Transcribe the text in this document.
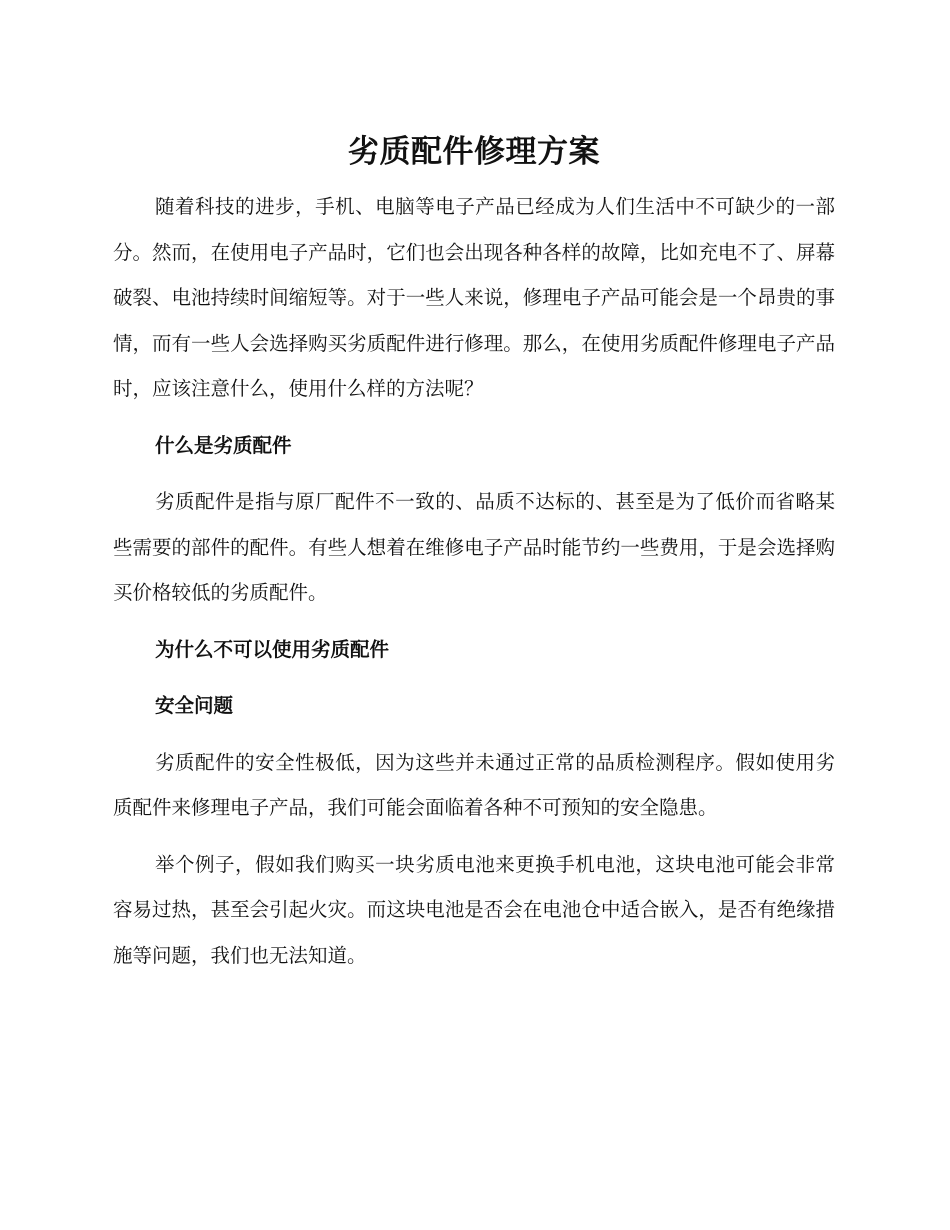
劣质配件修理方案

随着科技的进步，手机、电脑等电子产品已经成为人们生活中不可缺少的一部分。然而，在使用电子产品时，它们也会出现各种各样的故障，比如充电不了、屏幕破裂、电池持续时间缩短等。对于一些人来说，修理电子产品可能会是一个昂贵的事情，而有一些人会选择购买劣质配件进行修理。那么，在使用劣质配件修理电子产品时，应该注意什么，使用什么样的方法呢？

什么是劣质配件

劣质配件是指与原厂配件不一致的、品质不达标的、甚至是为了低价而省略某些需要的部件的配件。有些人想着在维修电子产品时能节约一些费用，于是会选择购买价格较低的劣质配件。

为什么不可以使用劣质配件
安全问题

劣质配件的安全性极低，因为这些并未通过正常的品质检测程序。假如使用劣质配件来修理电子产品，我们可能会面临着各种不可预知的安全隐患。

举个例子，假如我们购买一块劣质电池来更换手机电池，这块电池可能会非常容易过热，甚至会引起火灾。而这块电池是否会在电池仓中适合嵌入，是否有绝缘措施等问题，我们也无法知道。
